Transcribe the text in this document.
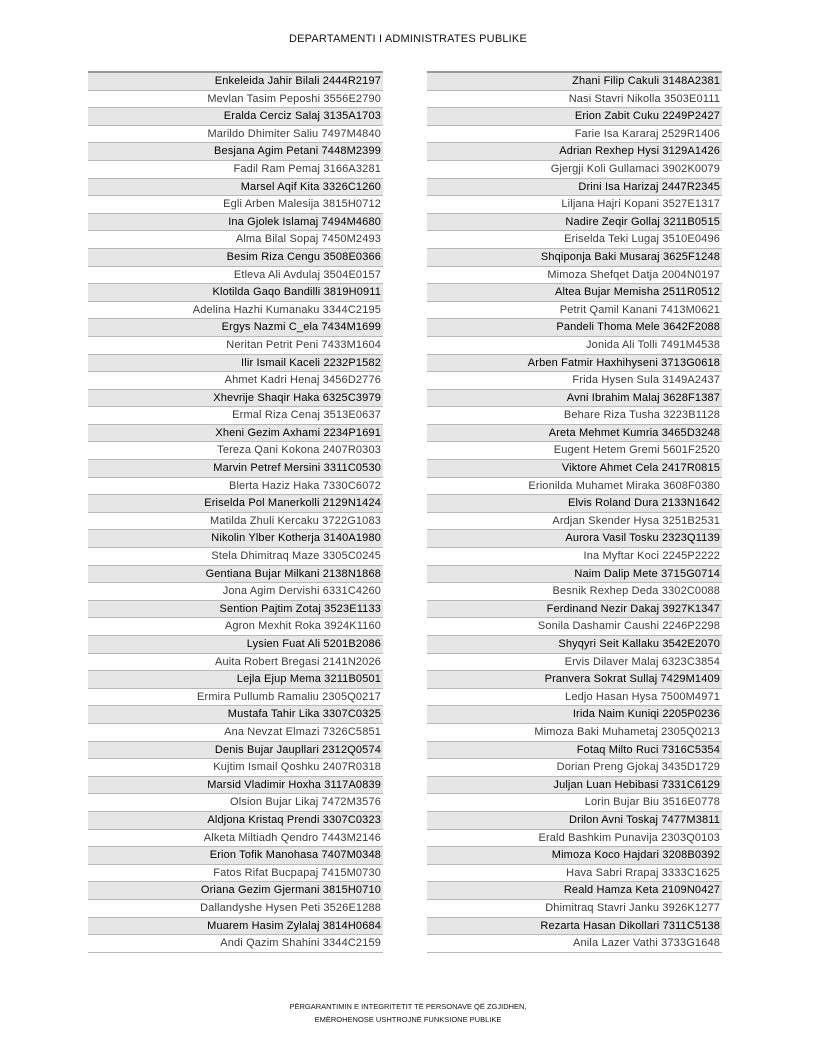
DEPARTAMENTI I ADMINISTRATES PUBLIKE
Enkeleida Jahir Bilali 2444R2197
Mevlan Tasim Peposhi 3556E2790
Eralda Cerciz Salaj 3135A1703
Marildo Dhimiter Saliu 7497M4840
Besjana Agim Petani 7448M2399
Fadil Ram Pemaj 3166A3281
Marsel Aqif Kita 3326C1260
Egli Arben Malesija 3815H0712
Ina Gjolek Islamaj 7494M4680
Alma Bilal Sopaj 7450M2493
Besim Riza Cengu 3508E0366
Etleva Ali Avdulaj 3504E0157
Klotilda Gaqo Bandilli 3819H0911
Adelina Hazhi Kumanaku 3344C2195
Ergys Nazmi C_ela 7434M1699
Neritan Petrit Peni 7433M1604
Ilir Ismail Kaceli 2232P1582
Ahmet Kadri Henaj 3456D2776
Xhevrije Shaqir Haka 6325C3979
Ermal Riza Cenaj 3513E0637
Xheni Gezim Axhami 2234P1691
Tereza Qani Kokona 2407R0303
Marvin Petref Mersini 3311C0530
Blerta Haziz Haka 7330C6072
Eriselda Pol Manerkolli 2129N1424
Matilda Zhuli Kercaku 3722G1083
Nikolin Ylber Kotherja 3140A1980
Stela Dhimitraq Maze 3305C0245
Gentiana Bujar Milkani 2138N1868
Jona Agim Dervishi 6331C4260
Sention Pajtim Zotaj 3523E1133
Agron Mexhit Roka 3924K1160
Lysien Fuat Ali 5201B2086
Auita Robert Bregasi 2141N2026
Lejla Ejup Mema 3211B0501
Ermira Pullumb Ramaliu 2305Q0217
Mustafa Tahir Lika 3307C0325
Ana Nevzat Elmazi 7326C5851
Denis Bujar Jaupllari 2312Q0574
Kujtim Ismail Qoshku 2407R0318
Marsid Vladimir Hoxha 3117A0839
Olsion Bujar Likaj 7472M3576
Aldjona Kristaq Prendi 3307C0323
Alketa Miltiadh Qendro 7443M2146
Erion Tofik Manohasa 7407M0348
Fatos Rifat Bucpapaj 7415M0730
Oriana Gezim Gjermani 3815H0710
Dallandyshe Hysen Peti 3526E1288
Muarem Hasim Zylalaj 3814H0684
Andi Qazim Shahini 3344C2159
Zhani Filip Cakuli 3148A2381
Nasi Stavri Nikolla 3503E0111
Erion Zabit Cuku 2249P2427
Farie Isa Kararaj 2529R1406
Adrian Rexhep Hysi 3129A1426
Gjergji Koli Gullamaci 3902K0079
Drini Isa Harizaj 2447R2345
Liljana Hajri Kopani 3527E1317
Nadire Zeqir Gollaj 3211B0515
Eriselda Teki Lugaj 3510E0496
Shqiponja Baki Musaraj 3625F1248
Mimoza Shefqet Datja 2004N0197
Altea Bujar Memisha 2511R0512
Petrit Qamil Kanani 7413M0621
Pandeli Thoma Mele 3642F2088
Jonida Ali Tolli 7491M4538
Arben Fatmir Haxhihyseni 3713G0618
Frida Hysen Sula 3149A2437
Avni Ibrahim Malaj 3628F1387
Behare Riza Tusha 3223B1128
Areta Mehmet Kumria 3465D3248
Eugent Hetem Gremi 5601F2520
Viktore Ahmet Cela 2417R0815
Erionilda Muhamet Miraka 3608F0380
Elvis Roland Dura 2133N1642
Ardjan Skender Hysa 3251B2531
Aurora Vasil Tosku 2323Q1139
Ina Myftar Koci 2245P2222
Naim Dalip Mete 3715G0714
Besnik Rexhep Deda 3302C0088
Ferdinand Nezir Dakaj 3927K1347
Sonila Dashamir Caushi 2246P2298
Shyqyri Seit Kallaku 3542E2070
Ervis Dilaver Malaj 6323C3854
Pranvera Sokrat Sullaj 7429M1409
Ledjo Hasan Hysa 7500M4971
Irida Naim Kuniqi 2205P0236
Mimoza Baki Muhametaj 2305Q0213
Fotaq Milto Ruci 7316C5354
Dorian Preng Gjokaj 3435D1729
Juljan Luan Hebibasi 7331C6129
Lorin Bujar Biu 3516E0778
Drilon Avni Toskaj 7477M3811
Erald Bashkim Punavija 2303Q0103
Mimoza Koco Hajdari 3208B0392
Hava Sabri Rrapaj 3333C1625
Reald Hamza Keta 2109N0427
Dhimitraq Stavri Janku 3926K1277
Rezarta Hasan Dikollari 7311C5138
Anila Lazer Vathi 3733G1648
PËRGARANTIMIN E INTEGRITETIT TË PERSONAVE QË ZGJIDHEN,
EMËROHENOSE USHTROJNË FUNKSIONE PUBLIKE
